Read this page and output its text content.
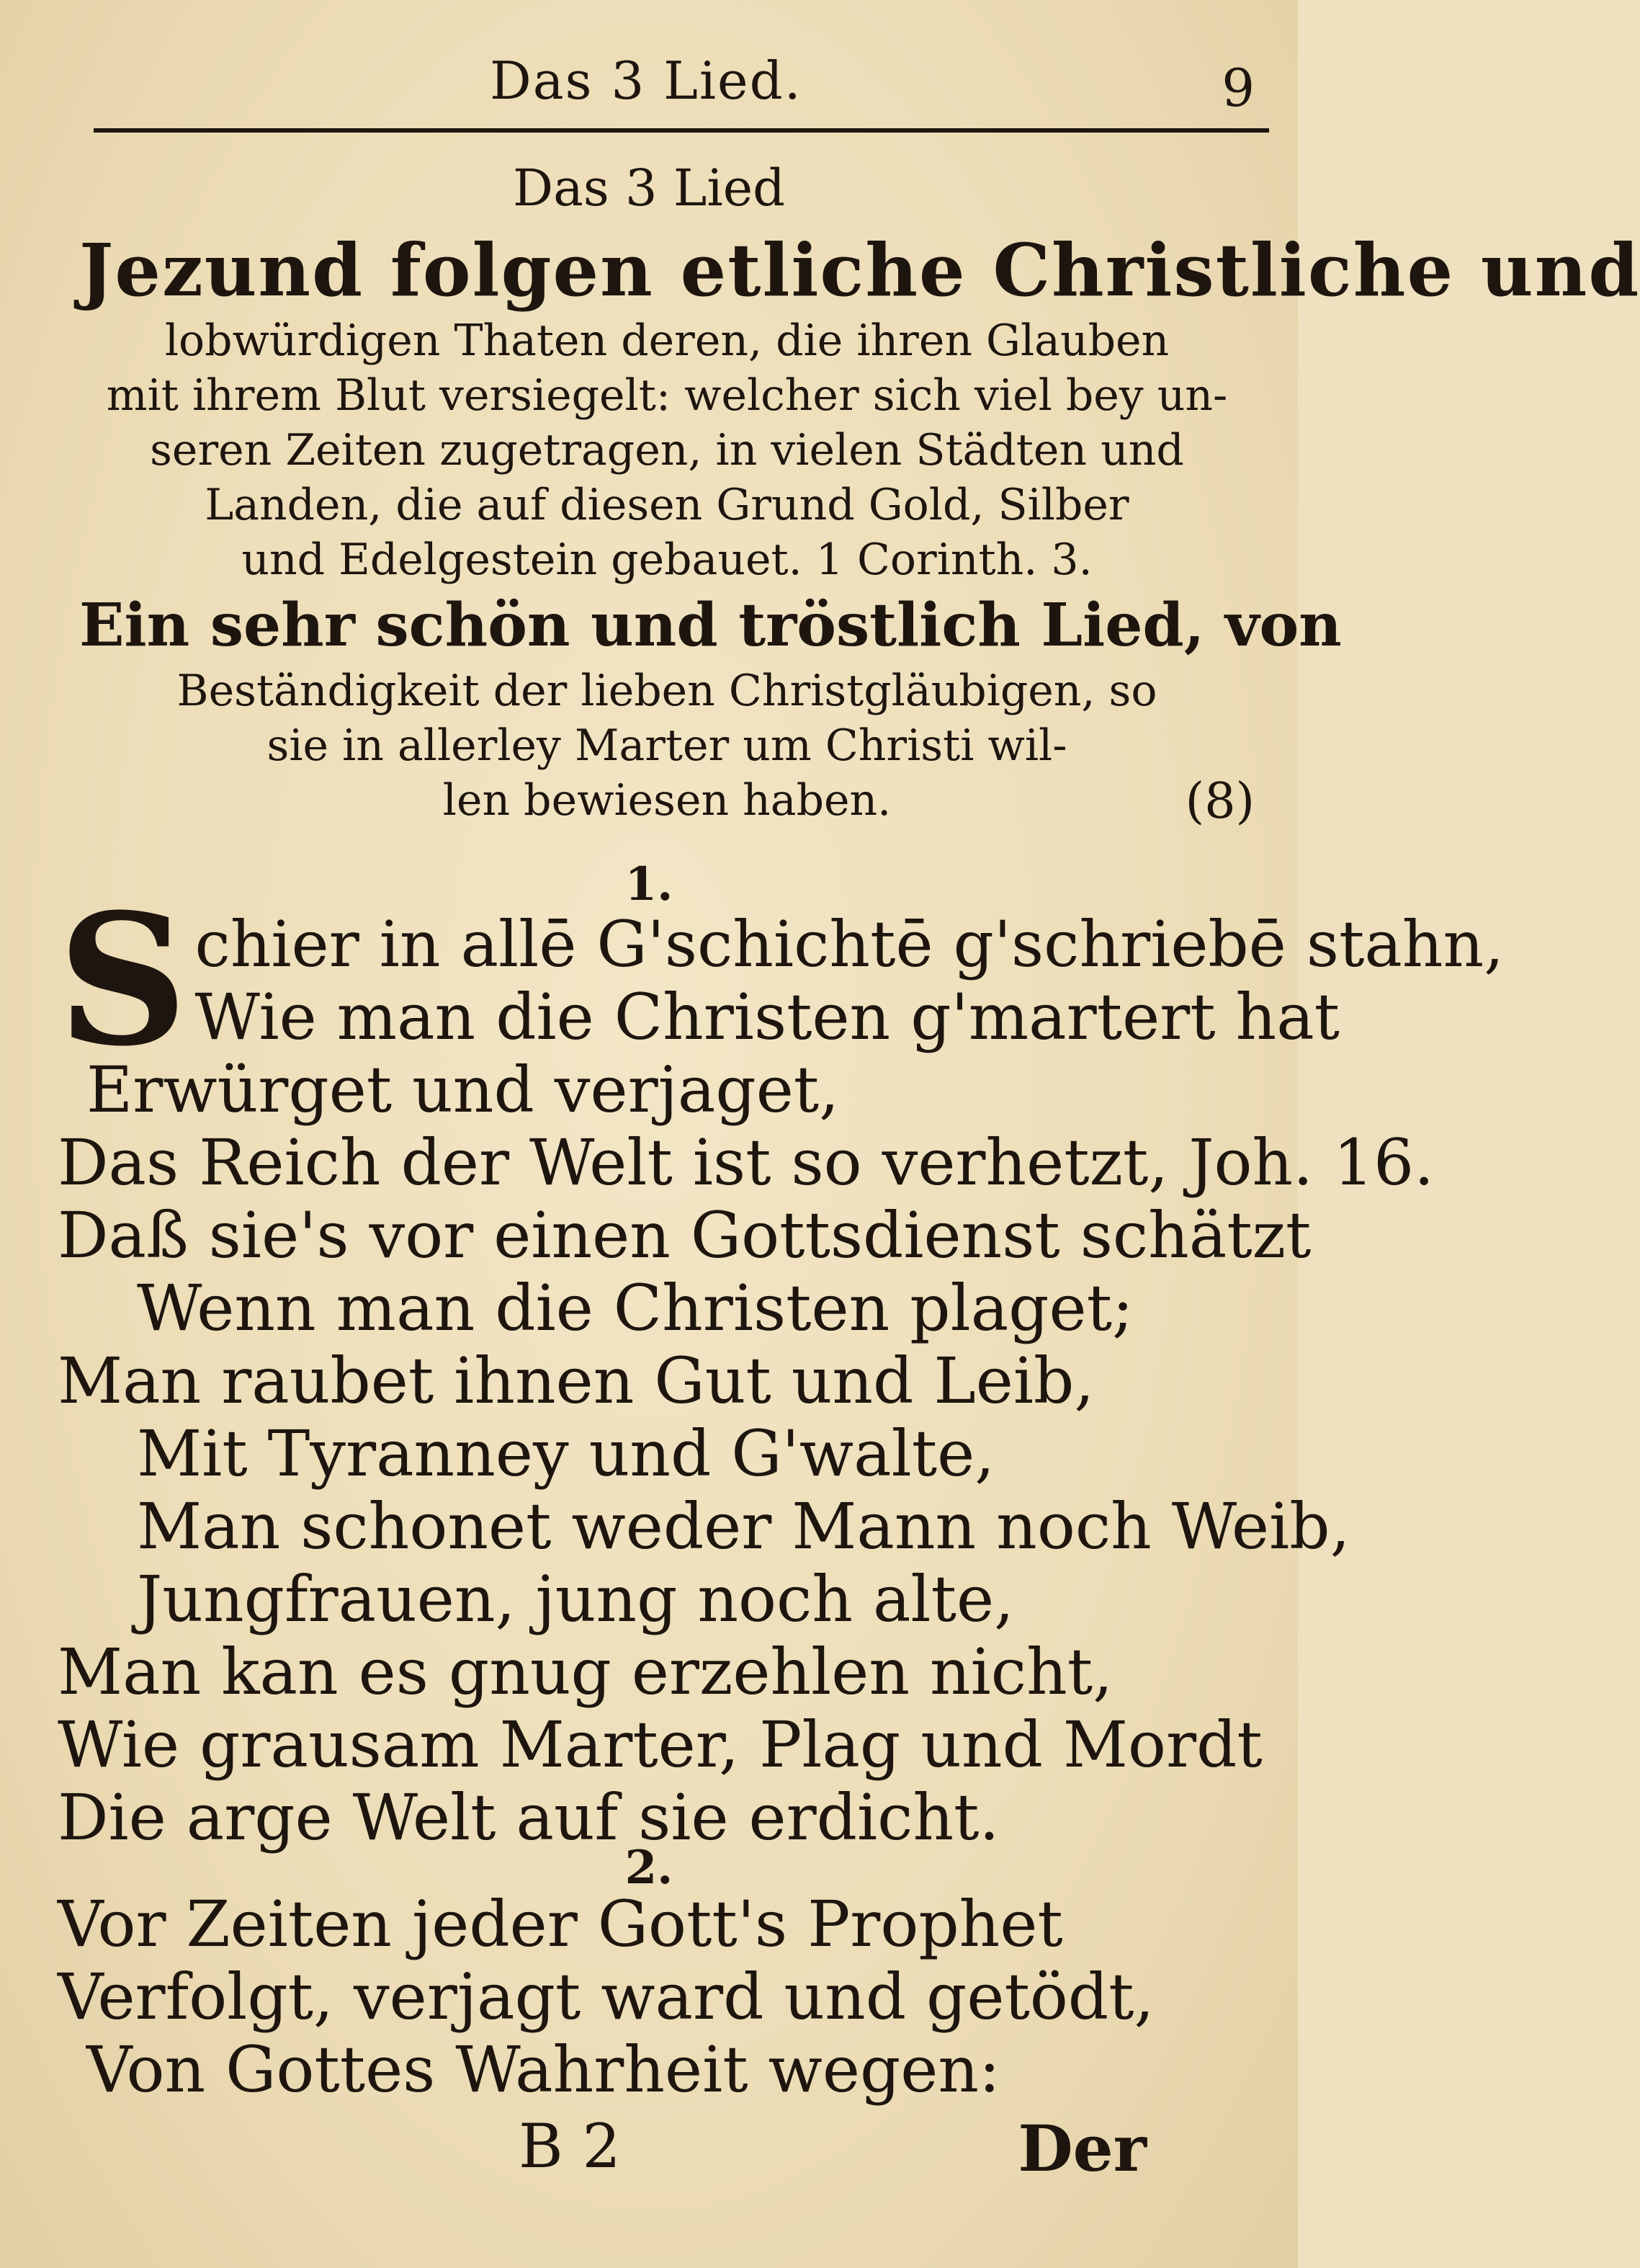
Das 3 Lied.	9
Das 3 Lied

Jezund folgen etliche Christliche und

lobwürdigen Thaten deren, die ihren Glauben

mit ihrem Blut versiegelt: welcher sich viel bey un-

seren Zeiten zugetragen, in vielen Städten und

Landen, die auf diesen Grund Gold, Silber

und Edelgestein gebauet. 1 Corinth. 3.

Ein sehr schön und tröstlich Lied, von

Beständigkeit der lieben Christgläubigen, so

sie in allerley Marter um Christi wil-

len bewiesen haben.	(8)
1.
S chier in allē G'schichtē g'schriebē stahn,
Wie man die Christen g'martert hat
Erwürget und verjaget,
Das Reich der Welt ist so verhetzt, Joh. 16.
Daß sie's vor einen Gottsdienst schätzt
Wenn man die Christen plaget;
Man raubet ihnen Gut und Leib,
Mit Tyranney und G'walte,
Man schonet weder Mann noch Weib,
Jungfrauen, jung noch alte,
Man kan es gnug erzehlen nicht,
Wie grausam Marter, Plag und Mordt
Die arge Welt auf sie erdicht.
2.
Vor Zeiten jeder Gott's Prophet
Verfolgt, verjagt ward und getödt,
Von Gottes Wahrheit wegen:
B 2	Der
